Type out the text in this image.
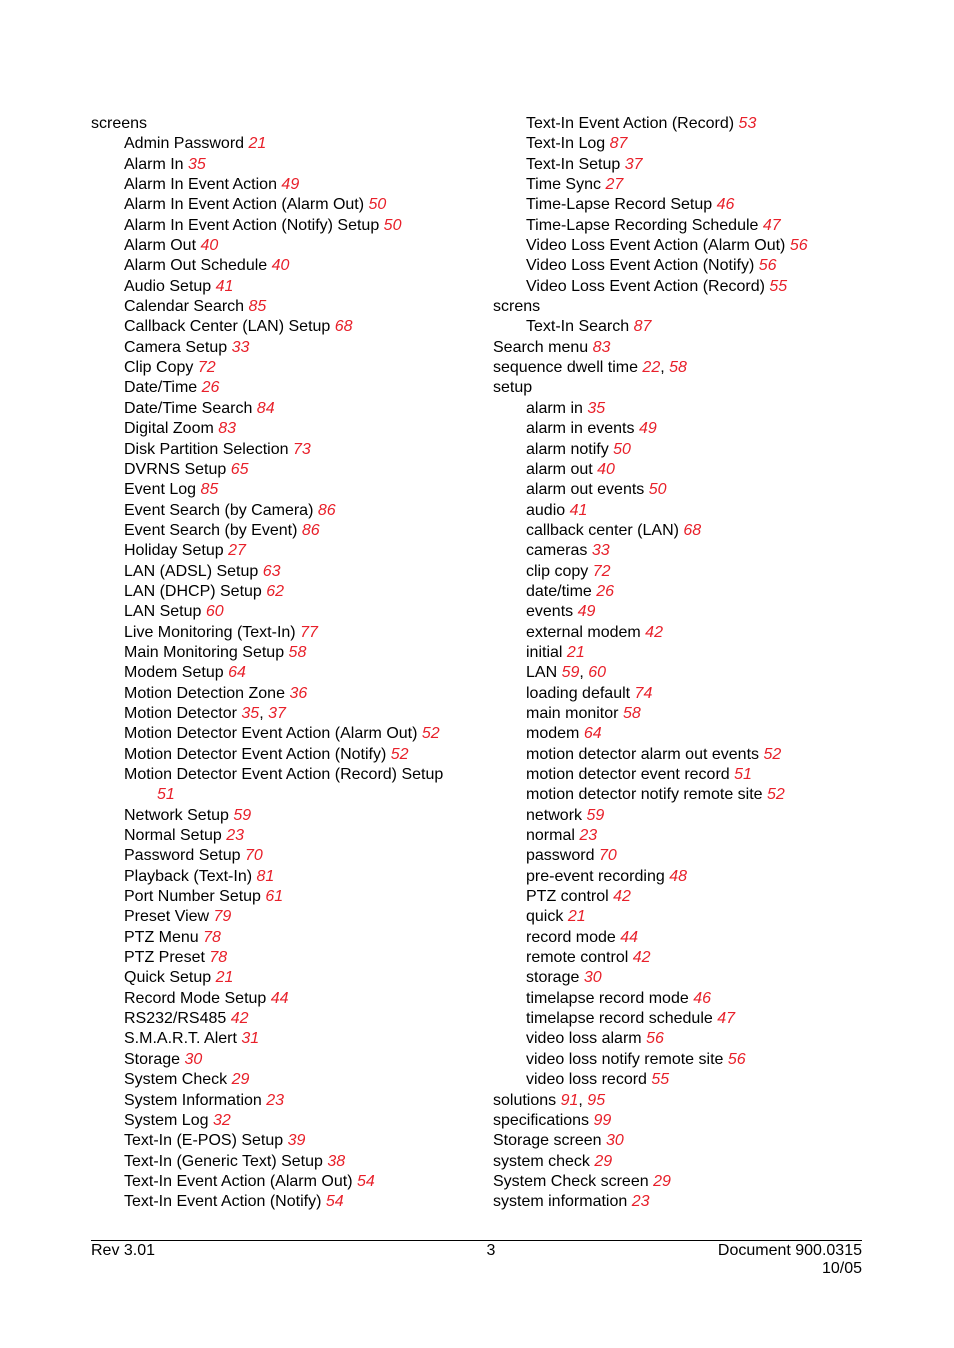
screens
Admin Password 21
Alarm In 35
Alarm In Event Action 49
Alarm In Event Action (Alarm Out) 50
Alarm In Event Action (Notify) Setup 50
Alarm Out 40
Alarm Out Schedule 40
Audio Setup 41
Calendar Search 85
Callback Center (LAN) Setup 68
Camera Setup 33
Clip Copy 72
Date/Time 26
Date/Time Search 84
Digital Zoom 83
Disk Partition Selection 73
DVRNS Setup 65
Event Log 85
Event Search (by Camera) 86
Event Search (by Event) 86
Holiday Setup 27
LAN (ADSL) Setup 63
LAN (DHCP) Setup 62
LAN Setup 60
Live Monitoring (Text-In) 77
Main Monitoring Setup 58
Modem Setup 64
Motion Detection Zone 36
Motion Detector 35, 37
Motion Detector Event Action (Alarm Out) 52
Motion Detector Event Action (Notify) 52
Motion Detector Event Action (Record) Setup
51
Network Setup 59
Normal Setup 23
Password Setup 70
Playback (Text-In) 81
Port Number Setup 61
Preset View 79
PTZ Menu 78
PTZ Preset 78
Quick Setup 21
Record Mode Setup 44
RS232/RS485 42
S.M.A.R.T. Alert 31
Storage 30
System Check 29
System Information 23
System Log 32
Text-In (E-POS) Setup 39
Text-In (Generic Text) Setup 38
Text-In Event Action (Alarm Out) 54
Text-In Event Action (Notify) 54
Text-In Event Action (Record) 53
Text-In Log 87
Text-In Setup 37
Time Sync 27
Time-Lapse Record Setup 46
Time-Lapse Recording Schedule 47
Video Loss Event Action (Alarm Out) 56
Video Loss Event Action (Notify) 56
Video Loss Event Action (Record) 55
screns
Text-In Search 87
Search menu 83
sequence dwell time 22, 58
setup
alarm in 35
alarm in events 49
alarm notify 50
alarm out 40
alarm out events 50
audio 41
callback center (LAN) 68
cameras 33
clip copy 72
date/time 26
events 49
external modem 42
initial 21
LAN 59, 60
loading default 74
main monitor 58
modem 64
motion detector alarm out events 52
motion detector event record 51
motion detector notify remote site 52
network 59
normal 23
password 70
pre-event recording 48
PTZ control 42
quick 21
record mode 44
remote control 42
storage 30
timelapse record mode 46
timelapse record schedule 47
video loss alarm 56
video loss notify remote site 56
video loss record 55
solutions 91, 95
specifications 99
Storage screen 30
system check 29
System Check screen 29
system information 23
Rev 3.01	3	Document 900.0315
10/05
